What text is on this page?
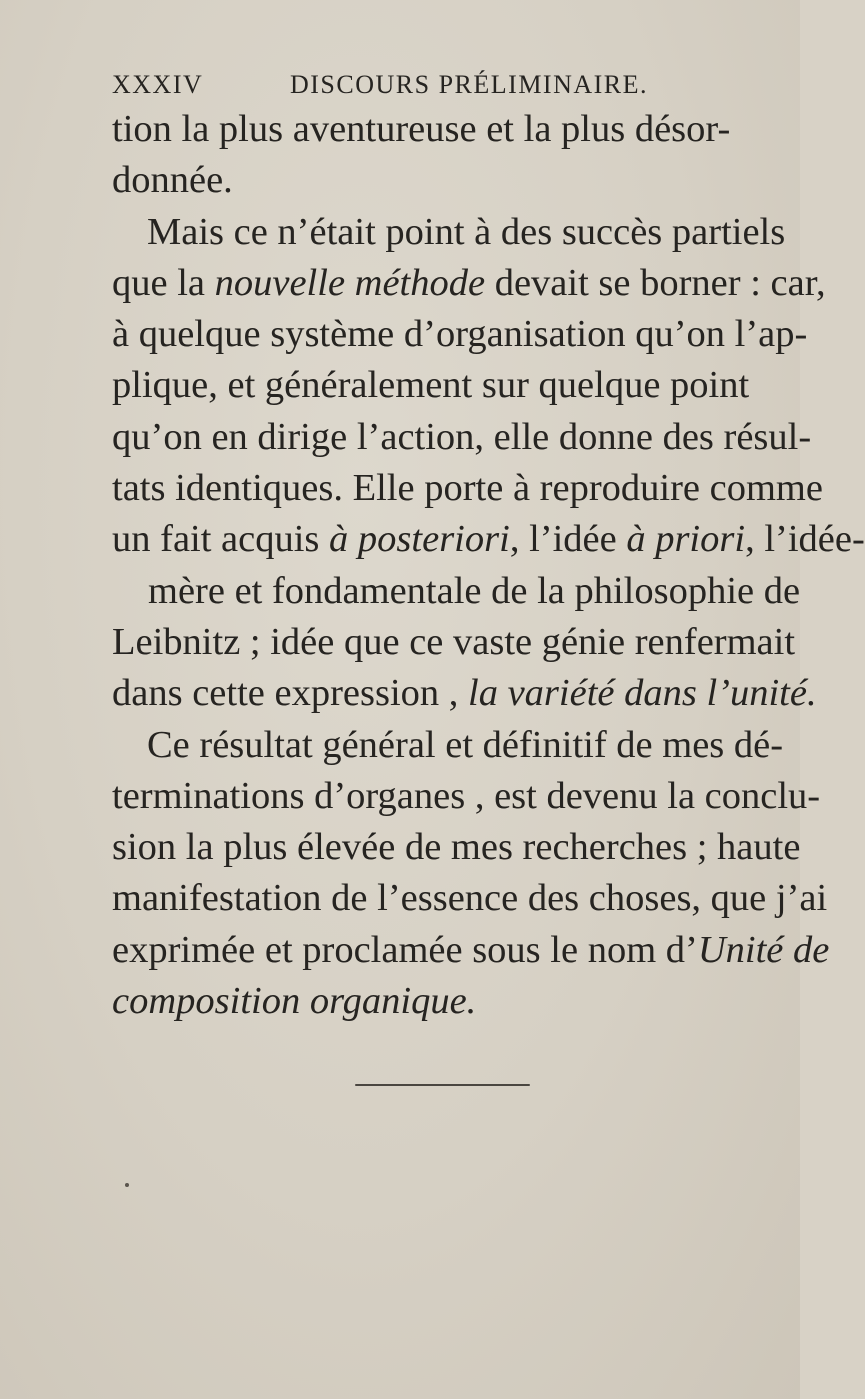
XXXIV	DISCOURS PRÉLIMINAIRE.
tion la plus aventureuse et la plus désor-
donnée.
Mais ce n’était point à des succès partiels
que la nouvelle méthode devait se borner : car,
à quelque système d’organisation qu’on l’ap-
plique, et généralement sur quelque point
qu’on en dirige l’action, elle donne des résul-
tats identiques. Elle porte à reproduire comme
un fait acquis à posteriori, l’idée à priori, l’idée-
mère et fondamentale de la philosophie de
Leibnitz ; idée que ce vaste génie renfermait
dans cette expression , la variété dans l’unité.
Ce résultat général et définitif de mes dé-
terminations d’organes , est devenu la conclu-
sion la plus élevée de mes recherches ; haute
manifestation de l’essence des choses, que j’ai
exprimée et proclamée sous le nom d’Unité de
composition organique.
